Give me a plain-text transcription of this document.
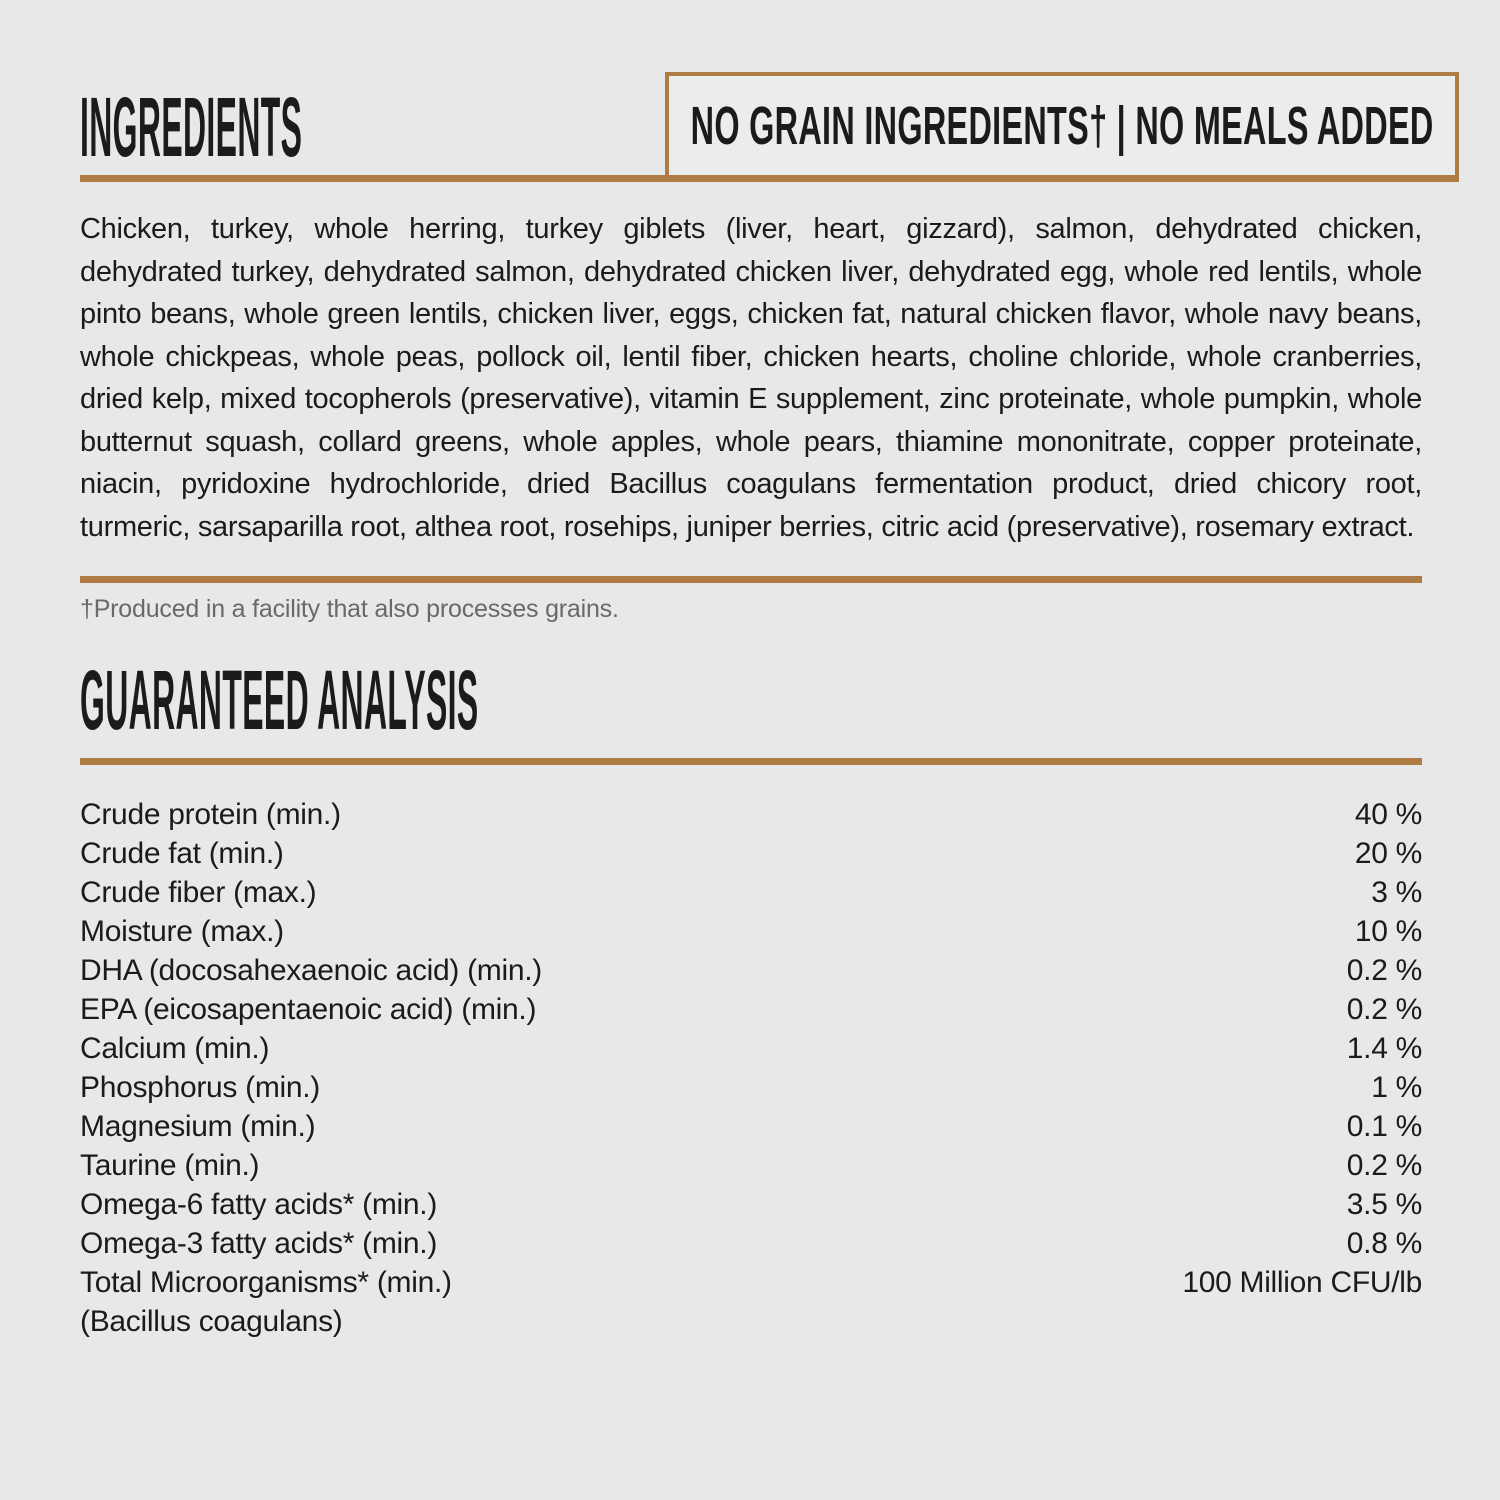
INGREDIENTS	NO GRAIN INGREDIENTS† | NO MEALS ADDED

Chicken, turkey, whole herring, turkey giblets (liver, heart, gizzard), salmon, dehydrated chicken, dehydrated turkey, dehydrated salmon, dehydrated chicken liver, dehydrated egg, whole red lentils, whole pinto beans, whole green lentils, chicken liver, eggs, chicken fat, natural chicken flavor, whole navy beans, whole chickpeas, whole peas, pollock oil, lentil fiber, chicken hearts, choline chloride, whole cranberries, dried kelp, mixed tocopherols (preservative), vitamin E supplement, zinc proteinate, whole pumpkin, whole butternut squash, collard greens, whole apples, whole pears, thiamine mononitrate, copper proteinate, niacin, pyridoxine hydrochloride, dried Bacillus coagulans fermentation product, dried chicory root, turmeric, sarsaparilla root, althea root, rosehips, juniper berries, citric acid (preservative), rosemary extract.

†Produced in a facility that also processes grains.

GUARANTEED ANALYSIS
Crude protein (min.)	40 %
Crude fat (min.)	20 %
Crude fiber (max.)	3 %
Moisture (max.)	10 %
DHA (docosahexaenoic acid) (min.)	0.2 %
EPA (eicosapentaenoic acid) (min.)	0.2 %
Calcium (min.)	1.4 %
Phosphorus (min.)	1 %
Magnesium (min.)	0.1 %
Taurine (min.)	0.2 %
Omega-6 fatty acids* (min.)	3.5 %
Omega-3 fatty acids* (min.)	0.8 %
Total Microorganisms* (min.)	100 Million CFU/lb
(Bacillus coagulans)
